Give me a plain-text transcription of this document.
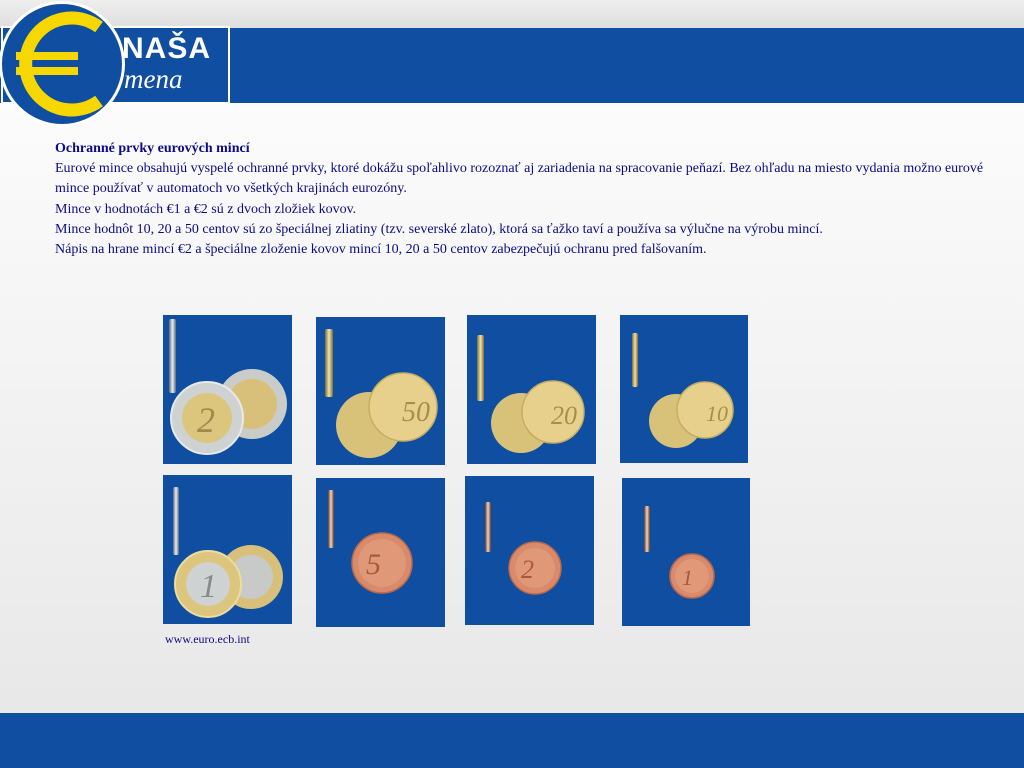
NAŠA
mena
Ochranné prvky eurových mincí

Eurové mince obsahujú vyspelé ochranné prvky, ktoré dokážu spoľahlivo rozoznať aj zariadenia na spracovanie peňazí. Bez ohľadu na miesto vydania možno eurové mince používať v automatoch vo všetkých krajinách eurozóny.

Mince v hodnotách €1 a €2 sú z dvoch zložiek kovov.

Mince hodnôt 10, 20 a 50 centov sú zo špeciálnej zliatiny (tzv. severské zlato), ktorá sa ťažko taví a používa sa výlučne na výrobu mincí.

Nápis na hrane mincí €2 a špeciálne zloženie kovov mincí 10, 20 a 50 centov zabezpečujú ochranu pred falšovaním.

2	50	20	10
1
5	2	1
www.euro.ecb.int
